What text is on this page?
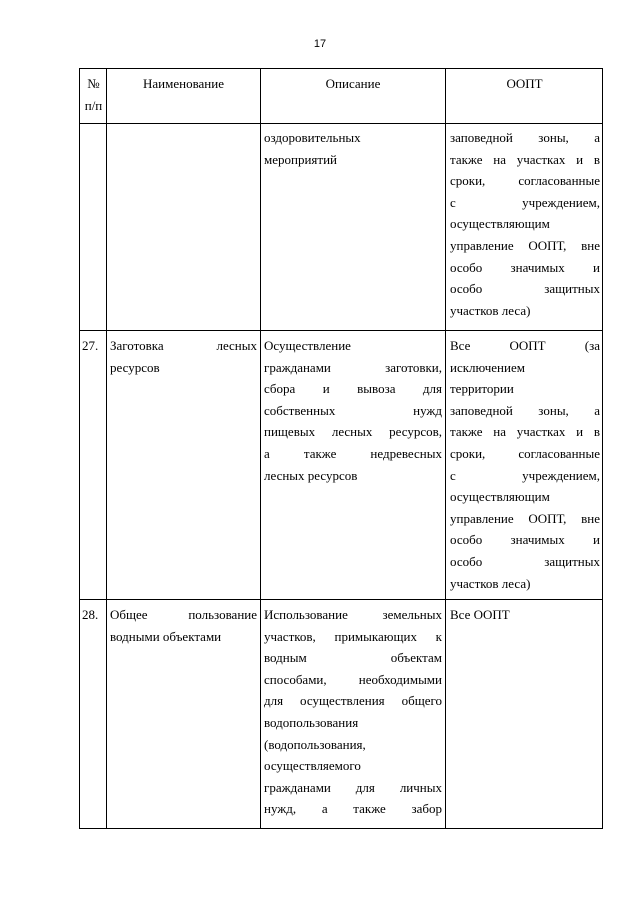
17
№ п/п
Наименование	Описание	ООПТ
оздоровительных
мероприятий
заповедной зоны, а
также на участках и в
сроки, согласованные
с учреждением,
осуществляющим
управление ООПТ, вне
особо значимых и
особо защитных
участков леса)
27. Заготовка лесных
ресурсов
Осуществление
гражданами заготовки,
сбора и вывоза для
собственных нужд
пищевых лесных ресурсов,
а также недревесных
лесных ресурсов
Все ООПТ (за
исключением
территории
заповедной зоны, а
также на участках и в
сроки, согласованные
с учреждением,
осуществляющим
управление ООПТ, вне
особо значимых и
особо защитных
участков леса)
28. Общее пользование
водными объектами
Использование земельных
участков, примыкающих к
водным объектам
способами, необходимыми
для осуществления общего
водопользования
(водопользования,
осуществляемого
гражданами для личных
нужд, а также забор
Все ООПТ
